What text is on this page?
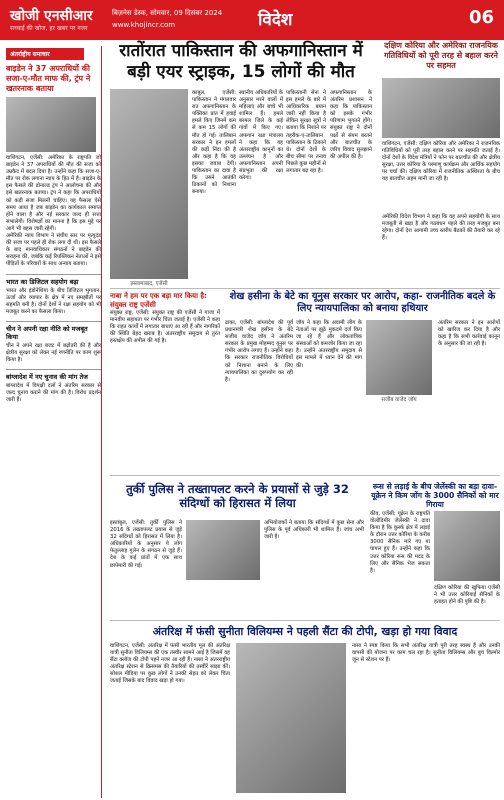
खोजी एनसीआर
सच्चाई की खोज, हर खबर पर नजर
बिज़नेस डेस्क, सोमवार, 09 दिसंबर 2024
www.khojincr.com	विदेश	06
अंतर्राष्ट्रीय समाचार
बाइडेन ने 37 अपराधियों की सजा-ए-मौत माफ की, ट्रंप ने खतरनाक बताया
वाशिंगटन, एजेंसी: अमेरिका के राष्ट्रपति जो बाइडेन ने 37 अपराधियों की मौत की सजा को उम्रकैद में बदल दिया है। उन्होंने कहा कि सजा-ए-मौत पर रोक लगाना न्याय के हित में है। बाइडेन के इस फैसले की डोनाल्ड ट्रंप ने आलोचना की और इसे खतरनाक बताया। ट्रंप ने कहा कि अपराधियों को कड़ी सजा मिलनी चाहिए। यह फैसला ऐसे समय आया है जब बाइडेन का कार्यकाल समाप्त होने वाला है और नई सरकार जल्द ही सत्ता संभालेगी। विशेषज्ञों का मानना है कि इस मुद्दे पर आगे भी बहस जारी रहेगी।
अमेरिकी न्याय विभाग ने संघीय स्तर पर मृत्युदंड की सजा पर पहले ही रोक लगा दी थी। इस फैसले के बाद मानवाधिकार संगठनों ने बाइडेन की सराहना की, जबकि कई रिपब्लिकन नेताओं ने इसे पीड़ितों के परिवारों के साथ अन्याय बताया।
भारत का डिजिटल सहयोग बढ़ा
भारत और इंडोनेशिया के बीच डिजिटल भुगतान, ऊर्जा और व्यापार के क्षेत्र में नए समझौतों पर सहमति बनी है। दोनों देशों ने रक्षा सहयोग को भी मजबूत करने का फैसला किया।
चीन ने अपनी रक्षा नीति को मजबूत किया
चीन ने अपने रक्षा बजट में बढ़ोतरी की है और क्षेत्रीय सुरक्षा को लेकर नई रणनीति पर काम शुरू किया है।
बांग्लादेश में नए चुनाव की मांग तेज
बांग्लादेश में विपक्षी दलों ने अंतरिम सरकार से जल्द चुनाव कराने की मांग की है। विरोध प्रदर्शन जारी हैं।
रातोंरात पाकिस्तान की अफगानिस्तान में बड़ी एयर स्ट्राइक, 15 लोगों की मौत
दक्षिण कोरिया और अमेरिका राजनयिक गतिविधियों को पूरी तरह से बहाल करने पर सहमत
इस्लामाबाद, एजेंसी
काबुल, एजेंसी: पाकिस्तान ने मंगलवार रात अफगानिस्तान के पक्तिका प्रांत में हवाई हमले किए जिनमें कम से कम 15 लोगों की मौत हो गई। तालिबान सरकार ने इन हमलों की कड़ी निंदा की है और कहा है कि वह इसका जवाब देगी। पाकिस्तान का दावा है कि उसने आतंकी ठिकानों को निशाना बनाया।
स्थानीय अधिकारियों के अनुसार मरने वालों में महिलाएं और बच्चे भी शामिल हैं। हमले बरमल जिले के कई गांवों में किए गए। अफगान रक्षा मंत्रालय ने कहा कि यह अंतरराष्ट्रीय कानूनों का उल्लंघन है और अफगानिस्तान अपनी संप्रभुता की रक्षा करेगा।
पाकिस्तानी सेना ने इस हमले के बारे में आधिकारिक बयान जारी नहीं किया है लेकिन सुरक्षा सूत्रों ने बताया कि निशाने पर तहरीक-ए-तालिबान पाकिस्तान के ठिकाने थे। दोनों देशों के बीच सीमा पर तनाव पिछले कुछ महीनों से लगातार बढ़ रहा है।
अफगानिस्तान के अंतरिम प्रशासन ने कहा कि पाकिस्तान को इसके गंभीर परिणाम भुगतने होंगे। संयुक्त राष्ट्र ने दोनों पक्षों से संयम बरतने और बातचीत के जरिए विवाद सुलझाने की अपील की है।
वाशिंगटन, एजेंसी: दक्षिण कोरिया और अमेरिका ने राजनयिक गतिविधियों को पूरी तरह बहाल करने पर सहमति जताई है। दोनों देशों के विदेश मंत्रियों ने फोन पर बातचीत की और क्षेत्रीय सुरक्षा, उत्तर कोरिया के परमाणु कार्यक्रम और आर्थिक सहयोग पर चर्चा की। दक्षिण कोरिया में राजनीतिक अस्थिरता के बीच यह बातचीत अहम मानी जा रही है।
अमेरिकी विदेश विभाग ने कहा कि वह अपने सहयोगी के साथ मजबूती से खड़ा है और गठबंधन पहले की तरह मजबूत बना रहेगा। दोनों देश आगामी उच्च स्तरीय बैठकों की तैयारी कर रहे हैं।
नाबा ने हम पर एक बड़ा मार किया है: संयुक्त राष्ट्र एजेंसी
संयुक्त राष्ट्र, एजेंसी: संयुक्त राष्ट्र की एजेंसी ने गाजा में मानवीय सहायता पर गंभीर चिंता जताई है। एजेंसी ने कहा कि राहत कार्यों में लगातार बाधाएं आ रही हैं और नागरिकों की स्थिति बेहद खराब है। अंतरराष्ट्रीय समुदाय से तुरंत हस्तक्षेप की अपील की गई है।
शेख हसीना के बेटे का यूनुस सरकार पर आरोप, कहा- राजनीतिक बदले के लिए न्यायपालिका को बनाया हथियार
ढाका, एजेंसी: बांग्लादेश की पूर्व प्रधानमंत्री शेख हसीना के बेटे सजीब वाजेद जॉय ने अंतरिम सरकार के प्रमुख मोहम्मद यूनुस पर गंभीर आरोप लगाए हैं। उन्होंने कहा कि सरकार राजनीतिक विरोधियों को निशाना बनाने के लिए न्यायपालिका का दुरुपयोग कर रही है।
जॉय ने कहा कि अवामी लीग के नेताओं पर झूठे मुकदमे दर्ज किए जा रहे हैं और लोकतांत्रिक संस्थाओं को कमजोर किया जा रहा है। उन्होंने अंतरराष्ट्रीय समुदाय से इस मामले में ध्यान देने की मांग की।
सजीब वाजेद जॉय
अंतरिम सरकार ने इन आरोपों को खारिज कर दिया है और कहा है कि सभी कार्रवाई कानून के अनुसार की जा रही है।
तुर्की पुलिस ने तख्तापलट करने के प्रयासों से जुड़े 32 संदिग्धों को हिरासत में लिया
इस्तांबुल, एजेंसी: तुर्की पुलिस ने 2016 के तख्तापलट प्रयास से जुड़े 32 संदिग्धों को हिरासत में लिया है। अधिकारियों के अनुसार ये लोग फेतुल्लाह गुलेन के संगठन से जुड़े हैं। देश के कई प्रांतों में एक साथ छापेमारी की गई।
अभियोजकों ने बताया कि संदिग्धों में कुछ सेना और पुलिस के पूर्व अधिकारी भी शामिल हैं। जांच अभी जारी है।
रूस से लड़ाई के बीच जेलेंस्की का बड़ा दावा- यूक्रेन ने किम जोंग के 3000 सैनिकों को मार गिराया
कीव, एजेंसी: यूक्रेन के राष्ट्रपति वोलोदिमीर जेलेंस्की ने दावा किया है कि कुर्स्क क्षेत्र में लड़ाई के दौरान उत्तर कोरिया के करीब 3000 सैनिक मारे गए या घायल हुए हैं। उन्होंने कहा कि उत्तर कोरिया रूस की मदद के लिए और सैनिक भेज सकता है।
दक्षिण कोरिया की खुफिया एजेंसी ने भी उत्तर कोरियाई सैनिकों के हताहत होने की पुष्टि की है।
अंतरिक्ष में फंसी सुनीता विलियम्स ने पहली सैंटा की टोपी, खड़ा हो गया विवाद
वाशिंगटन, एजेंसी: अंतरिक्ष में फंसी भारतीय मूल की अंतरिक्ष यात्री सुनीता विलियम्स की एक तस्वीर सामने आई है जिसमें वह सैंटा क्लॉज की टोपी पहने नजर आ रही हैं। नासा ने अंतरराष्ट्रीय अंतरिक्ष स्टेशन से क्रिसमस की तैयारियों की तस्वीरें साझा कीं। सोशल मीडिया पर कुछ लोगों ने उनकी सेहत को लेकर चिंता जताई जिसके बाद विवाद खड़ा हो गया।
नासा ने स्पष्ट किया कि सभी अंतरिक्ष यात्री पूरी तरह स्वस्थ हैं और उनकी वापसी की योजना पर काम चल रहा है। सुनीता विलियम्स और बुच विल्मोर जून से स्टेशन पर हैं।
